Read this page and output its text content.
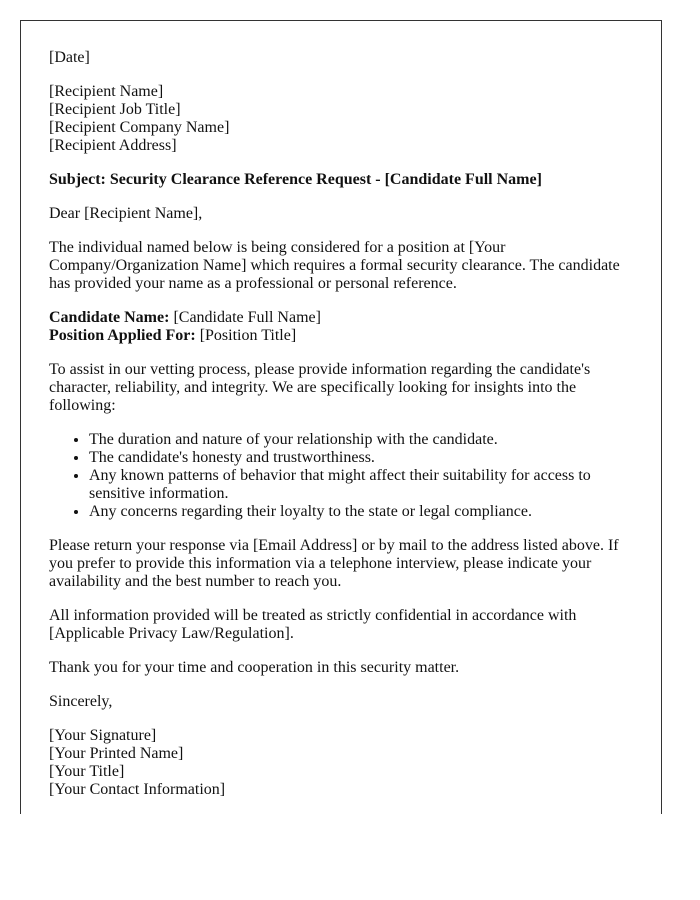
[Date]

[Recipient Name]
[Recipient Job Title]
[Recipient Company Name]
[Recipient Address]

Subject: Security Clearance Reference Request - [Candidate Full Name]

Dear [Recipient Name],

The individual named below is being considered for a position at [Your Company/Organization Name] which requires a formal security clearance. The candidate has provided your name as a professional or personal reference.

Candidate Name: [Candidate Full Name]
Position Applied For: [Position Title]

To assist in our vetting process, please provide information regarding the candidate's character, reliability, and integrity. We are specifically looking for insights into the following:

• The duration and nature of your relationship with the candidate.
• The candidate's honesty and trustworthiness.
• Any known patterns of behavior that might affect their suitability for access to sensitive information.
• Any concerns regarding their loyalty to the state or legal compliance.

Please return your response via [Email Address] or by mail to the address listed above. If you prefer to provide this information via a telephone interview, please indicate your availability and the best number to reach you.

All information provided will be treated as strictly confidential in accordance with [Applicable Privacy Law/Regulation].

Thank you for your time and cooperation in this security matter.

Sincerely,

[Your Signature]
[Your Printed Name]
[Your Title]
[Your Contact Information]
